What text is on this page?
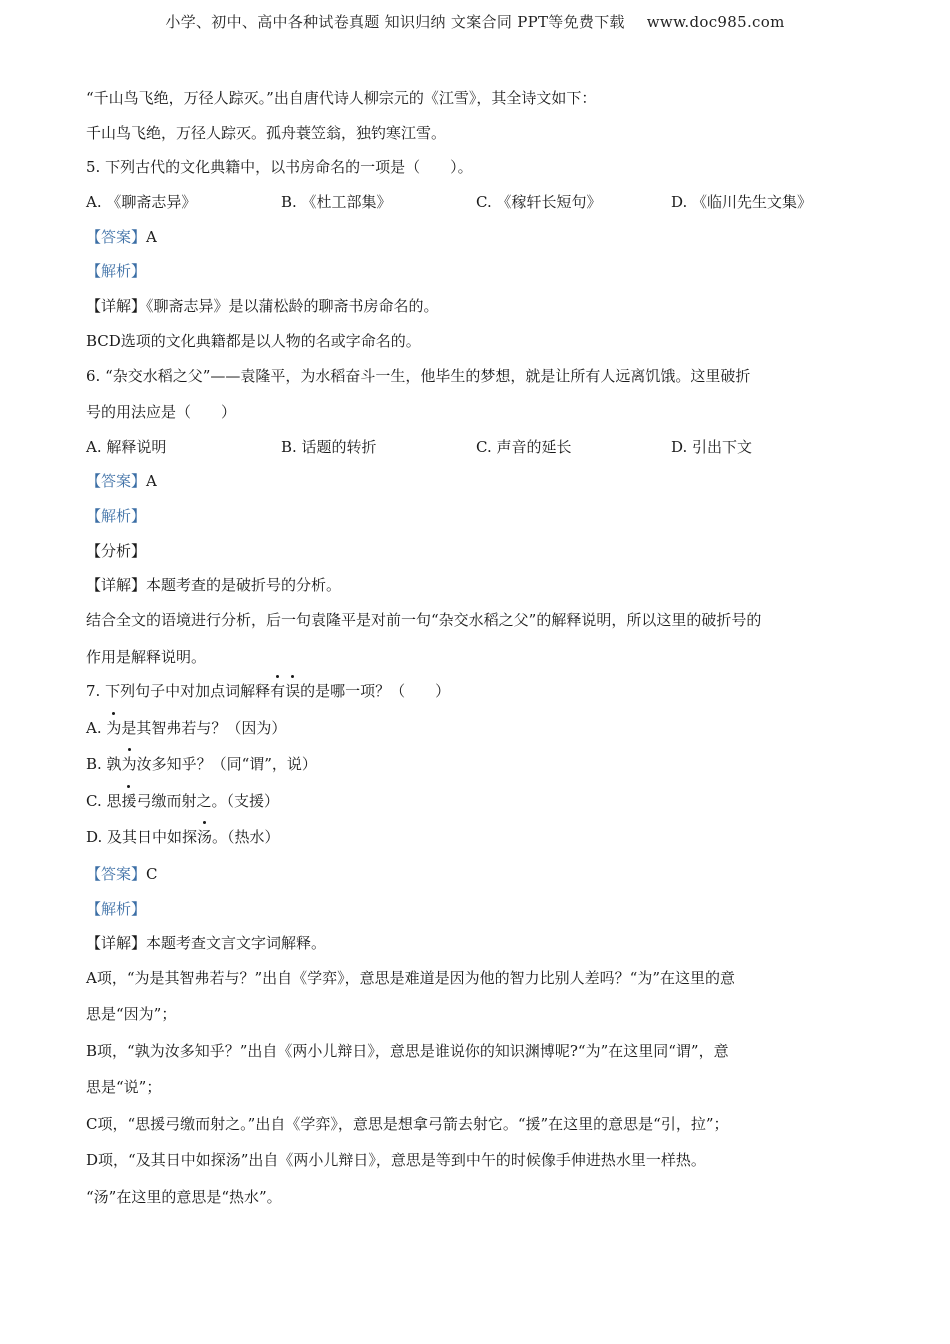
小学、初中、高中各种试卷真题 知识归纳 文案合同 PPT等免费下载 www.doc985.com
“千山鸟飞绝，万径人踪灭。”出自唐代诗人柳宗元的《江雪》，其全诗文如下：
千山鸟飞绝，万径人踪灭。孤舟蓑笠翁，独钓寒江雪。
5. 下列古代的文化典籍中，以书房命名的一项是（　　）。
A. 《聊斋志异》	B. 《杜工部集》	C. 《稼轩长短句》	D. 《临川先生文集》
【答案】A
【解析】
【详解】《聊斋志异》是以蒲松龄的聊斋书房命名的。
BCD选项的文化典籍都是以人物的名或字命名的。
6. “杂交水稻之父”——袁隆平，为水稻奋斗一生，他毕生的梦想，就是让所有人远离饥饿。这里破折
号的用法应是（　　）
A. 解释说明	B. 话题的转折	C. 声音的延长	D. 引出下文
【答案】A
【解析】
【分析】
【详解】本题考查的是破折号的分析。
结合全文的语境进行分析，后一句袁隆平是对前一句“杂交水稻之父”的解释说明，所以这里的破折号的
作用是解释说明。
7. 下列句子中对加点词解释有误的是哪一项？（　　）
A. 为是其智弗若与？（因为）
B. 孰为汝多知乎？（同“谓”，说）
C. 思援弓缴而射之。（支援）
D. 及其日中如探汤。（热水）
【答案】C
【解析】
【详解】本题考查文言文字词解释。
A项，“为是其智弗若与？”出自《学弈》，意思是难道是因为他的智力比别人差吗？“为”在这里的意
思是“因为”；
B项，“孰为汝多知乎？”出自《两小儿辩日》，意思是谁说你的知识渊博呢?“为”在这里同“谓”，意
思是“说”；
C项，“思援弓缴而射之。”出自《学弈》，意思是想拿弓箭去射它。“援”在这里的意思是“引，拉”；
D项，“及其日中如探汤”出自《两小儿辩日》，意思是等到中午的时候像手伸进热水里一样热。
“汤”在这里的意思是“热水”。
